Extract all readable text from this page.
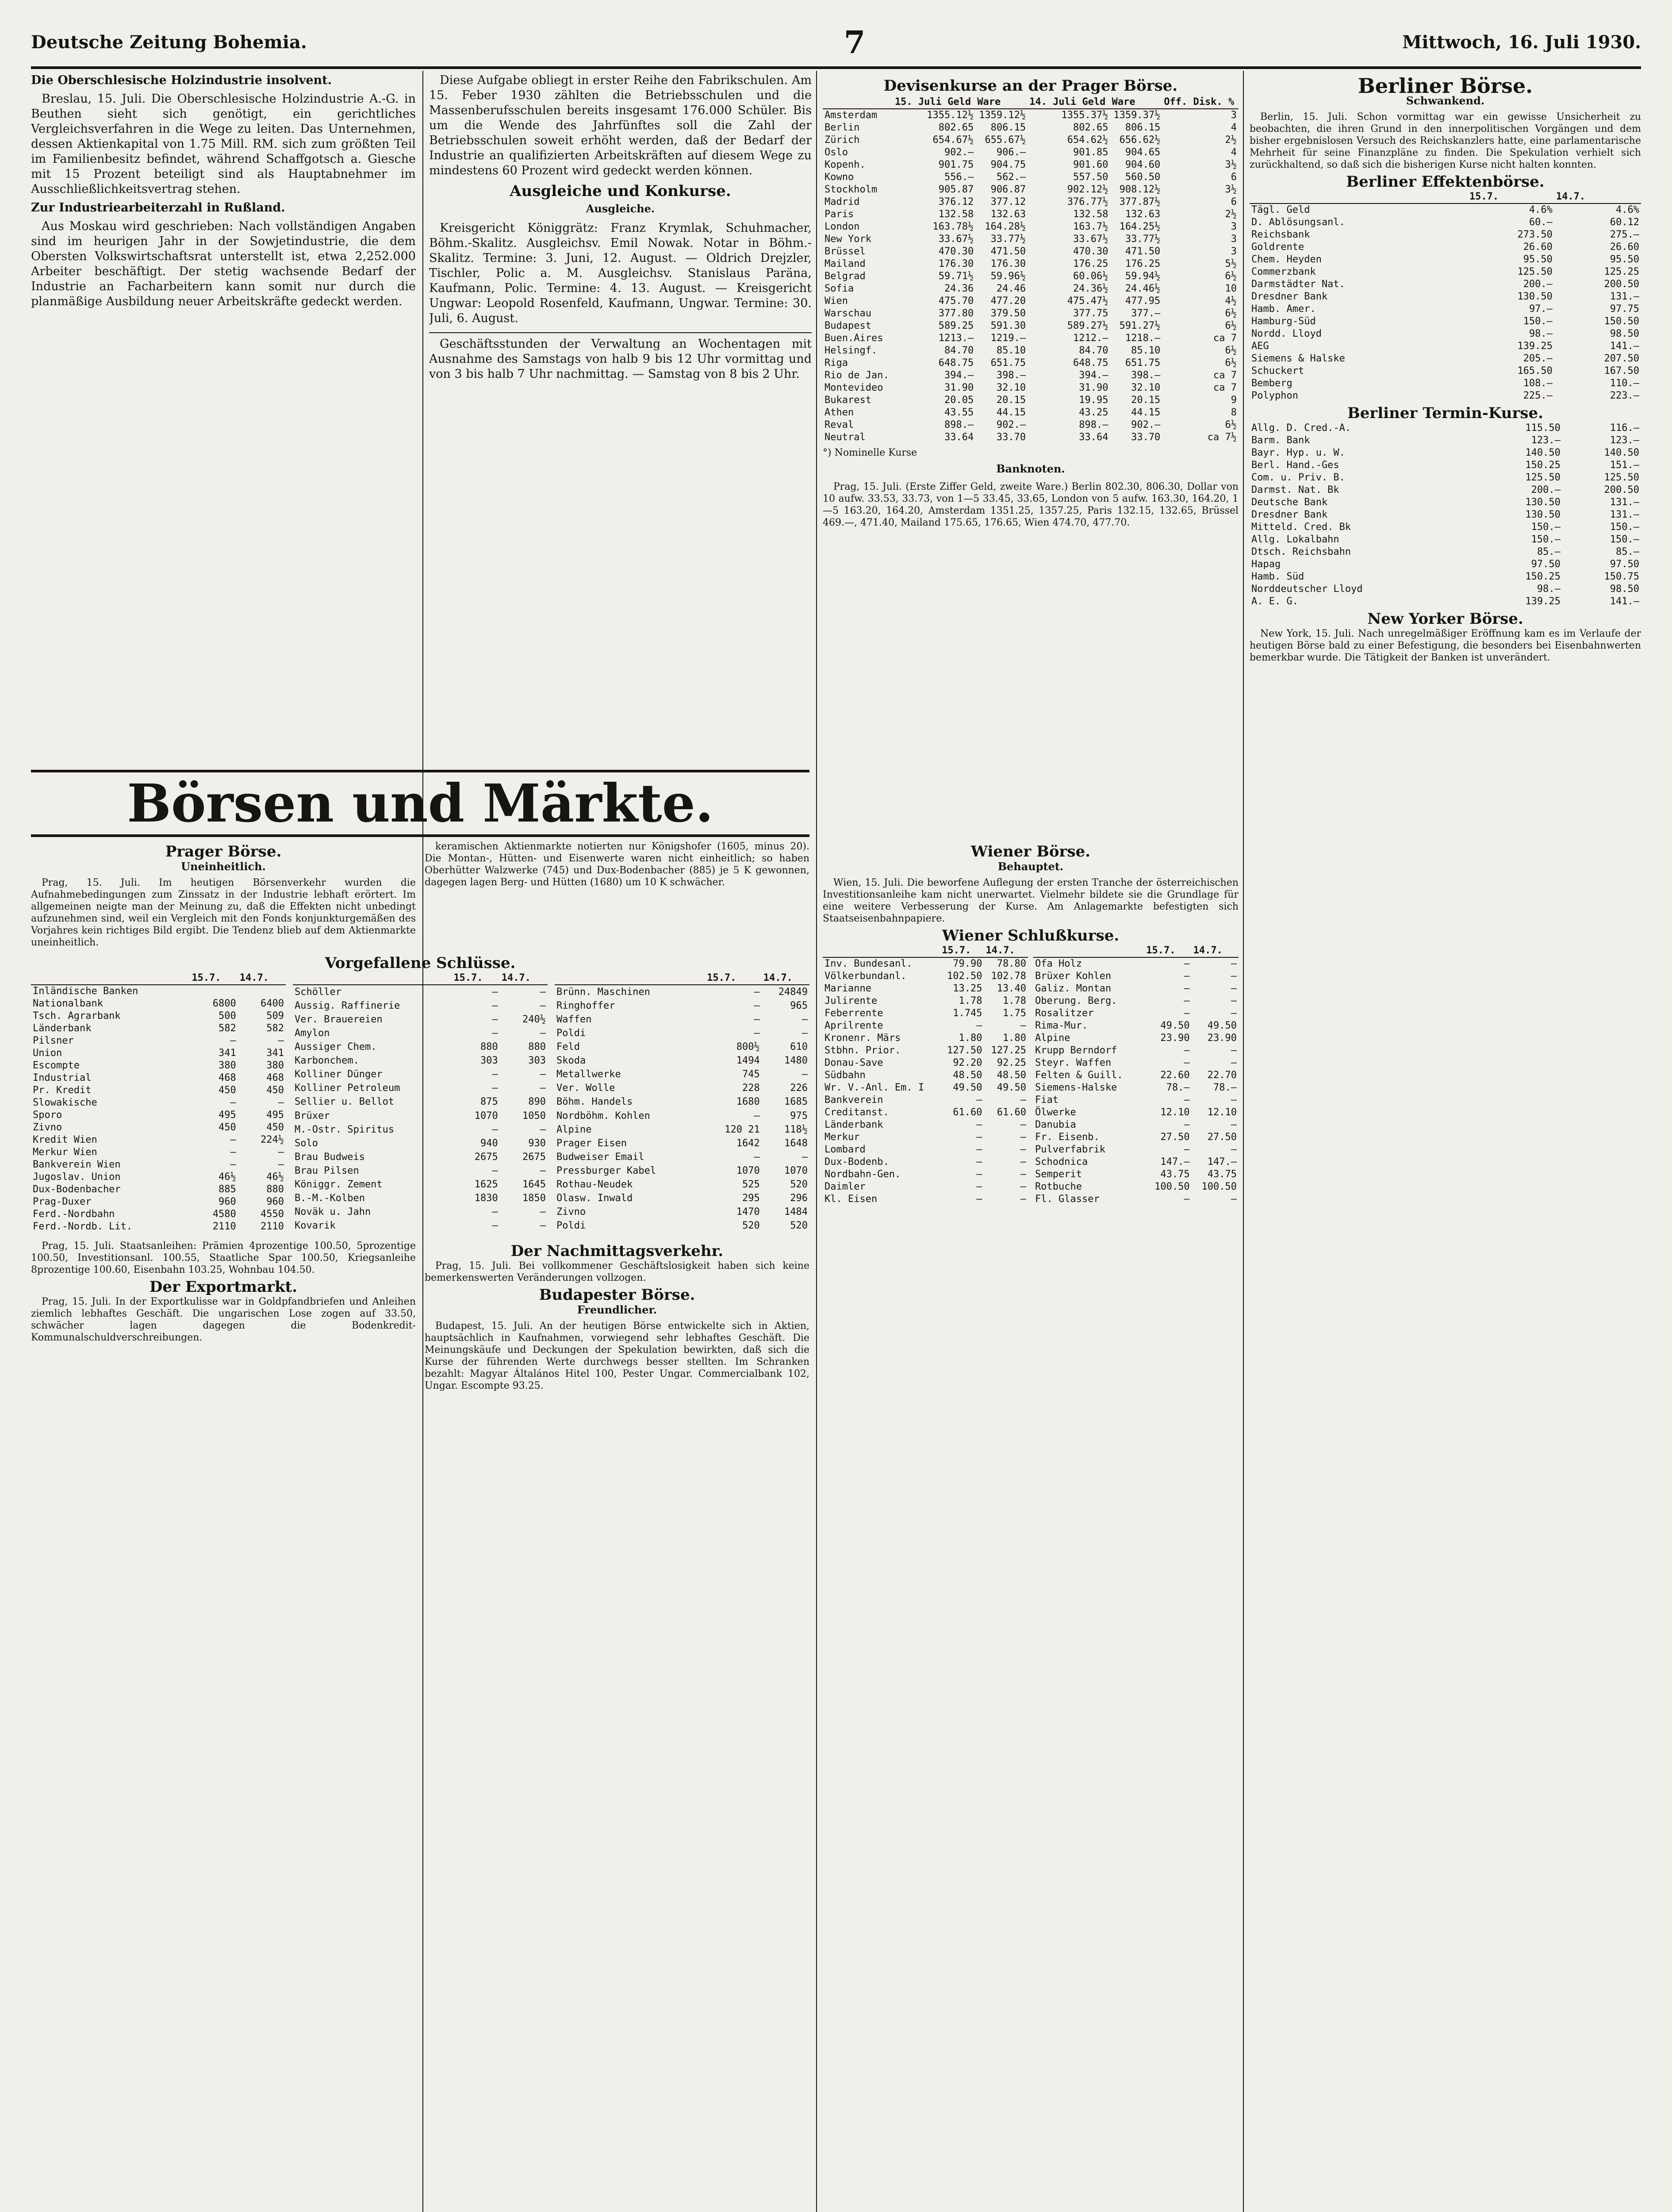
Deutsche Zeitung Bohemia.	7	Mittwoch, 16. Juli 1930.

Die Oberschlesische Holzindustrie insolvent.

Breslau, 15. Juli. Die Oberschlesische Holzindustrie A.-G. in Beuthen sieht sich genötigt, ein gerichtliches Vergleichsverfahren in die Wege zu leiten. Das Unternehmen, dessen Aktienkapital von 1.75 Mill. RM. sich zum größten Teil im Familienbesitz befindet, während Schaffgotsch a. Giesche mit 15 Prozent beteiligt sind als Hauptabnehmer im Ausschließlichkeitsvertrag stehen.

Zur Industriearbeiterzahl in Rußland.

Aus Moskau wird geschrieben: Nach vollständigen Angaben sind im heurigen Jahr in der Sowjetindustrie, die dem Obersten Volkswirtschaftsrat unterstellt ist, etwa 2,252.000 Arbeiter beschäftigt. Der stetig wachsende Bedarf der Industrie an Facharbeitern kann somit nur durch die planmäßige Ausbildung neuer Arbeitskräfte gedeckt werden.

Diese Aufgabe obliegt in erster Reihe den Fabrikschulen. Am 15. Feber 1930 zählten die Betriebsschulen und die Massenberufsschulen bereits insgesamt 176.000 Schüler. Bis um die Wende des Jahrfünftes soll die Zahl der Betriebsschulen soweit erhöht werden, daß der Bedarf der Industrie an qualifizierten Arbeitskräften auf diesem Wege zu mindestens 60 Prozent wird gedeckt werden können.

Ausgleiche und Konkurse.
Ausgleiche.

Kreisgericht Königgrätz: Franz Krymlak, Schuhmacher, Böhm.-Skalitz. Ausgleichsv. Emil Nowak. Notar in Böhm.-Skalitz. Termine: 3. Juni, 12. August. — Oldrich Drejzler, Tischler, Polic a. M. Ausgleichsv. Stanislaus Paräna, Kaufmann, Polic. Termine: 4. 13. August. — Kreisgericht Ungwar: Leopold Rosenfeld, Kaufmann, Ungwar. Termine: 30. Juli, 6. August.

Geschäftsstunden der Verwaltung an Wochentagen mit Ausnahme des Samstags von halb 9 bis 12 Uhr vormittag und von 3 bis halb 7 Uhr nachmittag. — Samstag von 8 bis 2 Uhr.

Devisenkurse an der Prager Börse.
	15. Juli Geld	Ware	14. Juli Geld	Ware	Off. Disk. %
Amsterdam	1355.12½	1359.12½	1355.37½	1359.37½	3
Berlin	802.65	806.15	802.65	806.15	4
Zürich	654.67½	655.67½	654.62½	656.62½	2½
Oslo	902.—	906.—	901.85	904.65	4
Kopenh.	901.75	904.75	901.60	904.60	3½
Kowno	556.—	562.—	557.50	560.50	6
Stockholm	905.87	906.87	902.12½	908.12½	3½
Madrid	376.12	377.12	376.77½	377.87½	6
Paris	132.58	132.63	132.58	132.63	2½
London	163.78½	164.28½	163.7½	164.25½	3
New York	33.67½	33.77½	33.67½	33.77½	3
Brüssel	470.30	471.50	470.30	471.50	3
Mailand	176.30	176.30	176.25	176.25	5½
Belgrad	59.71½	59.96½	60.06½	59.94½	6½
Sofia	24.36	24.46	24.36½	24.46½	10
Wien	475.70	477.20	475.47½	477.95	4½
Warschau	377.80	379.50	377.75	377.—	6½
Budapest	589.25	591.30	589.27½	591.27½	6½
Buen.Aires	1213.—	1219.—	1212.—	1218.—	ca 7
Helsingf.	84.70	85.10	84.70	85.10	6½
Riga	648.75	651.75	648.75	651.75	6½
Rio de Jan.	394.—	398.—	394.—	398.—	ca 7
Montevideo	31.90	32.10	31.90	32.10	ca 7
Bukarest	20.05	20.15	19.95	20.15	9
Athen	43.55	44.15	43.25	44.15	8
Reval	898.—	902.—	898.—	902.—	6½
Neutral	33.64	33.70	33.64	33.70	ca 7½
°) Nominelle Kurse
Banknoten.

Prag, 15. Juli. (Erste Ziffer Geld, zweite Ware.) Berlin 802.30, 806.30, Dollar von 10 aufw. 33.53, 33.73, von 1—5 33.45, 33.65, London von 5 aufw. 163.30, 164.20, 1—5 163.20, 164.20, Amsterdam 1351.25, 1357.25, Paris 132.15, 132.65, Brüssel 469.—, 471.40, Mailand 175.65, 176.65, Wien 474.70, 477.70.

Berliner Börse.
Schwankend.

Berlin, 15. Juli. Schon vormittag war ein gewisse Unsicherheit zu beobachten, die ihren Grund in den innerpolitischen Vorgängen und dem bisher ergebnislosen Versuch des Reichskanzlers hatte, eine parlamentarische Mehrheit für seine Finanzpläne zu finden. Die Spekulation verhielt sich zurückhaltend, so daß sich die bisherigen Kurse nicht halten konnten.

Berliner Effektenbörse.
	15.7.	14.7.
Tägl. Geld	4.6%	4.6%
D. Ablösungsanl.	60.—	60.12
Reichsbank	273.50	275.—
Goldrente	26.60	26.60
Chem. Heyden	95.50	95.50
Commerzbank	125.50	125.25
Darmstädter Nat.	200.—	200.50
Dresdner Bank	130.50	131.—
Hamb. Amer.	97.—	97.75
Hamburg-Süd	150.—	150.50
Nordd. Lloyd	98.—	98.50
AEG	139.25	141.—
Siemens & Halske	205.—	207.50
Schuckert	165.50	167.50
Bemberg	108.—	110.—
Polyphon	225.—	223.—
Berliner Termin-Kurse.
Allg. D. Cred.-A.	115.50	116.—
Barm. Bank	123.—	123.—
Bayr. Hyp. u. W.	140.50	140.50
Berl. Hand.-Ges	150.25	151.—
Com. u. Priv. B.	125.50	125.50
Darmst. Nat. Bk	200.—	200.50
Deutsche Bank	130.50	131.—
Dresdner Bank	130.50	131.—
Mitteld. Cred. Bk	150.—	150.—
Allg. Lokalbahn	150.—	150.—
Dtsch. Reichsbahn	85.—	85.—
Hapag	97.50	97.50
Hamb. Süd	150.25	150.75
Norddeutscher Lloyd	98.—	98.50
A. E. G.	139.25	141.—
New Yorker Börse.

New York, 15. Juli. Nach unregelmäßiger Eröffnung kam es im Verlaufe der heutigen Börse bald zu einer Befestigung, die besonders bei Eisenbahnwerten bemerkbar wurde. Die Tätigkeit der Banken ist unverändert.

Börsen und Märkte.
Prager Börse.
Uneinheitlich.

Prag, 15. Juli. Im heutigen Börsenverkehr wurden die Aufnahmebedingungen zum Zinssatz in der Industrie lebhaft erörtert. Im allgemeinen neigte man der Meinung zu, daß die Effekten nicht unbedingt aufzunehmen sind, weil ein Vergleich mit den Fonds konjunkturgemäßen des Vorjahres kein richtiges Bild ergibt. Die Tendenz blieb auf dem Aktienmarkte uneinheitlich.

keramischen Aktienmarkte notierten nur Königshofer (1605, minus 20). Die Montan-, Hütten- und Eisenwerte waren nicht einheitlich; so haben Oberhütter Walzwerke (745) und Dux-Bodenbacher (885) je 5 K gewonnen, dagegen lagen Berg- und Hütten (1680) um 10 K schwächer.

Vorgefallene Schlüsse.
	15.7.	14.7.
Inländische Banken		
Nationalbank	6800	6400
Tsch. Agrarbank	500	509
Länderbank	582	582
Pilsner	—	—
Union	341	341
Escompte	380	380
Industrial	468	468
Pr. Kredit	450	450
Slowakische	—	—
Sporo	495	495
Zivno	450	450
Kredit Wien	—	224½
Merkur Wien	—	—
Bankverein Wien	—	—
Jugoslav. Union	46½	46½
Dux-Bodenbacher	885	880
Prag-Duxer	960	960
Ferd.-Nordbahn	4580	4550
Ferd.-Nordb. Lit.	2110	2110
	15.7.	14.7.
Schöller	—	—
Aussig. Raffinerie	—	—
Ver. Brauereien	—	240½
Amylon	—	—
Aussiger Chem.	880	880
Karbonchem.	303	303
Kolliner Dünger	—	—
Kolliner Petroleum	—	—
Sellier u. Bellot	875	890
Brüxer	1070	1050
M.-Ostr. Spiritus	—	—
Solo	940	930
Brau Budweis	2675	2675
Brau Pilsen	—	—
Königgr. Zement	1625	1645
B.-M.-Kolben	1830	1850
Noväk u. Jahn	—	—
Kovarik	—	—
	15.7.	14.7.
Brünn. Maschinen	—	24849
Ringhoffer	—	965
Waffen	—	—
Poldi	—	—
Feld	800½	610
Skoda	1494	1480
Metallwerke	745	—
Ver. Wolle	228	226
Böhm. Handels	1680	1685
Nordböhm. Kohlen	—	975
Alpine	120 21	118½
Prager Eisen	1642	1648
Budweiser Email	—	—
Pressburger Kabel	1070	1070
Rothau-Neudek	525	520
Olasw. Inwald	295	296
Zivno	1470	1484
Poldi	520	520

Prag, 15. Juli. Staatsanleihen: Prämien 4prozentige 100.50, 5prozentige 100.50, Investitionsanl. 100.55, Staatliche Spar 100.50, Kriegsanleihe 8prozentige 100.60, Eisenbahn 103.25, Wohnbau 104.50.

Der Exportmarkt.

Prag, 15. Juli. In der Exportkulisse war in Goldpfandbriefen und Anleihen ziemlich lebhaftes Geschäft. Die ungarischen Lose zogen auf 33.50, schwächer lagen dagegen die Bodenkredit-Kommunalschuldverschreibungen.

Der Nachmittagsverkehr.

Prag, 15. Juli. Bei vollkommener Geschäftslosigkeit haben sich keine bemerkenswerten Veränderungen vollzogen.

Budapester Börse.
Freundlicher.

Budapest, 15. Juli. An der heutigen Börse entwickelte sich in Aktien, hauptsächlich in Kaufnahmen, vorwiegend sehr lebhaftes Geschäft. Die Meinungskäufe und Deckungen der Spekulation bewirkten, daß sich die Kurse der führenden Werte durchwegs besser stellten. Im Schranken bezahlt: Magyar Általános Hitel 100, Pester Ungar. Commercialbank 102, Ungar. Escompte 93.25.

Wiener Börse.
Behauptet.

Wien, 15. Juli. Die beworfene Auflegung der ersten Tranche der österreichischen Investitionsanleihe kam nicht unerwartet. Vielmehr bildete sie die Grundlage für eine weitere Verbesserung der Kurse. Am Anlagemarkte befestigten sich Staatseisenbahnpapiere.

Wiener Schlußkurse.
	15.7.	14.7.
Inv. Bundesanl.	79.90	78.80
Völkerbundanl.	102.50	102.78
Marianne	13.25	13.40
Julirente	1.78	1.78
Feberrente	1.745	1.75
Aprilrente	—	—
Kronenr. Märs	1.80	1.80
Stbhn. Prior.	127.50	127.25
Donau-Save	92.20	92.25
Südbahn	48.50	48.50
Wr. V.-Anl. Em. I	49.50	49.50
Bankverein	—	—
Creditanst.	61.60	61.60
Länderbank	—	—
Merkur	—	—
Lombard	—	—
Dux-Bodenb.	—	—
Nordbahn-Gen.	—	—
Daimler	—	—
Kl. Eisen	—	—
	15.7.	14.7.
Ofa Holz	—	—
Brüxer Kohlen	—	—
Galiz. Montan	—	—
Oberung. Berg.	—	—
Rosalitzer	—	—
Rima-Mur.	49.50	49.50
Alpine	23.90	23.90
Krupp Berndorf	—	—
Steyr. Waffen	—	—
Felten & Guill.	22.60	22.70
Siemens-Halske	78.—	78.—
Fiat	—	—
Ölwerke	12.10	12.10
Danubia	—	—
Fr. Eisenb.	27.50	27.50
Pulverfabrik	—	—
Schodnica	147.—	147.—
Semperit	43.75	43.75
Rotbuche	100.50	100.50
Fl. Glasser	—	—
